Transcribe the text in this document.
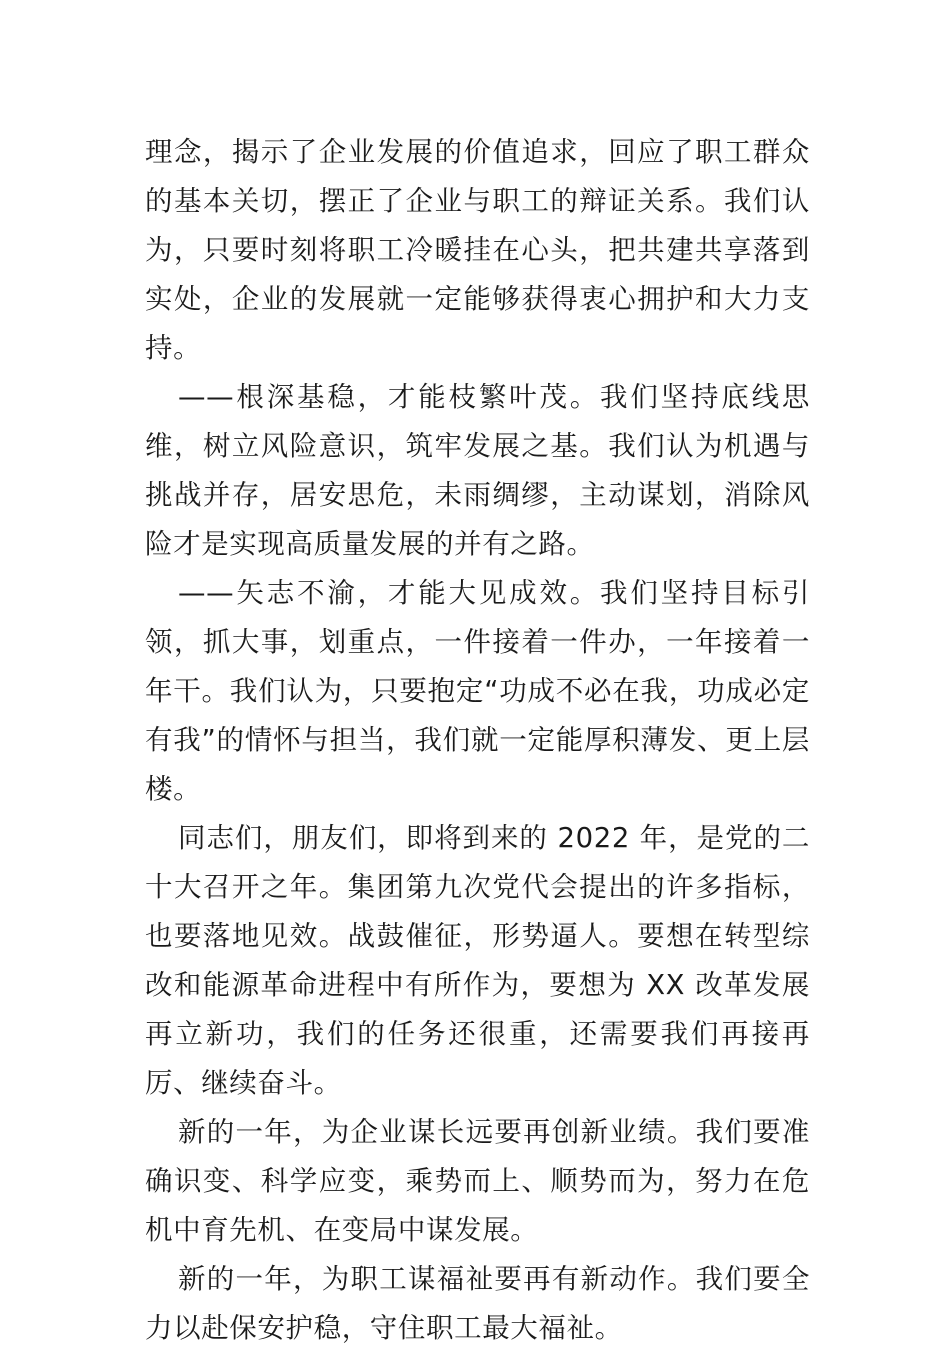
理念，揭示了企业发展的价值追求，回应了职工群众的基本关切，摆正了企业与职工的辩证关系。我们认为，只要时刻将职工冷暖挂在心头，把共建共享落到实处，企业的发展就一定能够获得衷心拥护和大力支持。

——根深基稳，才能枝繁叶茂。我们坚持底线思维，树立风险意识，筑牢发展之基。我们认为机遇与挑战并存，居安思危，未雨绸缪，主动谋划，消除风险才是实现高质量发展的并有之路。

——矢志不渝，才能大见成效。我们坚持目标引领，抓大事，划重点，一件接着一件办，一年接着一年干。我们认为，只要抱定“功成不必在我，功成必定有我”的情怀与担当，我们就一定能厚积薄发、更上层楼。

同志们，朋友们，即将到来的 2022 年，是党的二十大召开之年。集团第九次党代会提出的许多指标，也要落地见效。战鼓催征，形势逼人。要想在转型综改和能源革命进程中有所作为，要想为 XX 改革发展再立新功，我们的任务还很重，还需要我们再接再厉、继续奋斗。

新的一年，为企业谋长远要再创新业绩。我们要准确识变、科学应变，乘势而上、顺势而为，努力在危机中育先机、在变局中谋发展。

新的一年，为职工谋福祉要再有新动作。我们要全力以赴保安护稳，守住职工最大福祉。
